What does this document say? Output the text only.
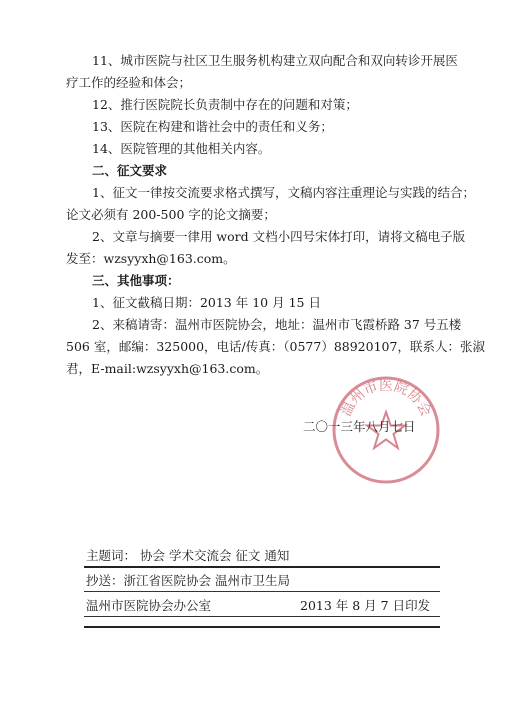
11、城市医院与社区卫生服务机构建立双向配合和双向转诊开展医
疗工作的经验和体会；
12、推行医院院长负责制中存在的问题和对策；
13、医院在构建和谐社会中的责任和义务；
14、医院管理的其他相关内容。
二、征文要求
1、征文一律按交流要求格式撰写，文稿内容注重理论与实践的结合；
论文必须有 200-500 字的论文摘要；
2、文章与摘要一律用 word 文档小四号宋体打印，请将文稿电子版
发至：wzsyyxh@163.com。
三、其他事项：
1、征文截稿日期：2013 年 10 月 15 日
2、来稿请寄：温州市医院协会，地址：温州市飞霞桥路 37 号五楼
506 室，邮编：325000，电话/传真：（0577）88920107，联系人：张淑
君，E-mail:wzsyyxh@163.com。
温州市医院协会
二〇一三年八月七日
主题词： 协会 学术交流会 征文 通知
抄送：浙江省医院协会 温州市卫生局
温州市医院协会办公室	2013 年 8 月 7 日印发
